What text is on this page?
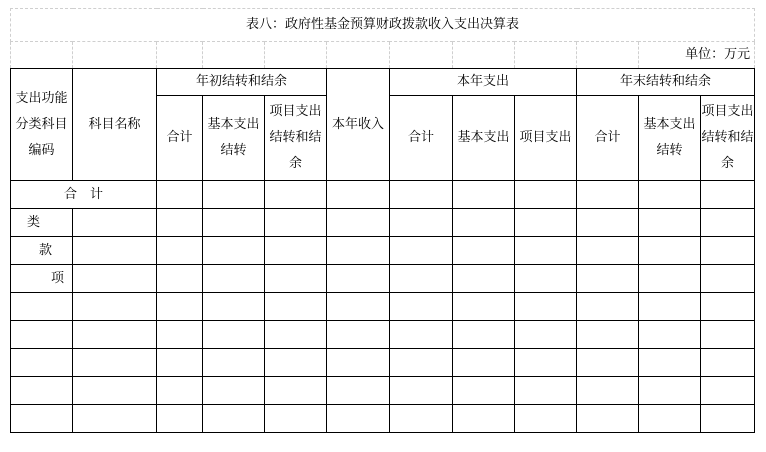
表八：政府性基金预算财政拨款收入支出决算表											
										单位：万元	
支出功能分类科目编码	科目名称	年初结转和结余			本年收入	本年支出			年末结转和结余		
		合计	基本支出结转	项目支出结转和结余		合计	基本支出	项目支出	合计	基本支出结转	项目支出结转和结余
合　计											
类											
款											
项											
